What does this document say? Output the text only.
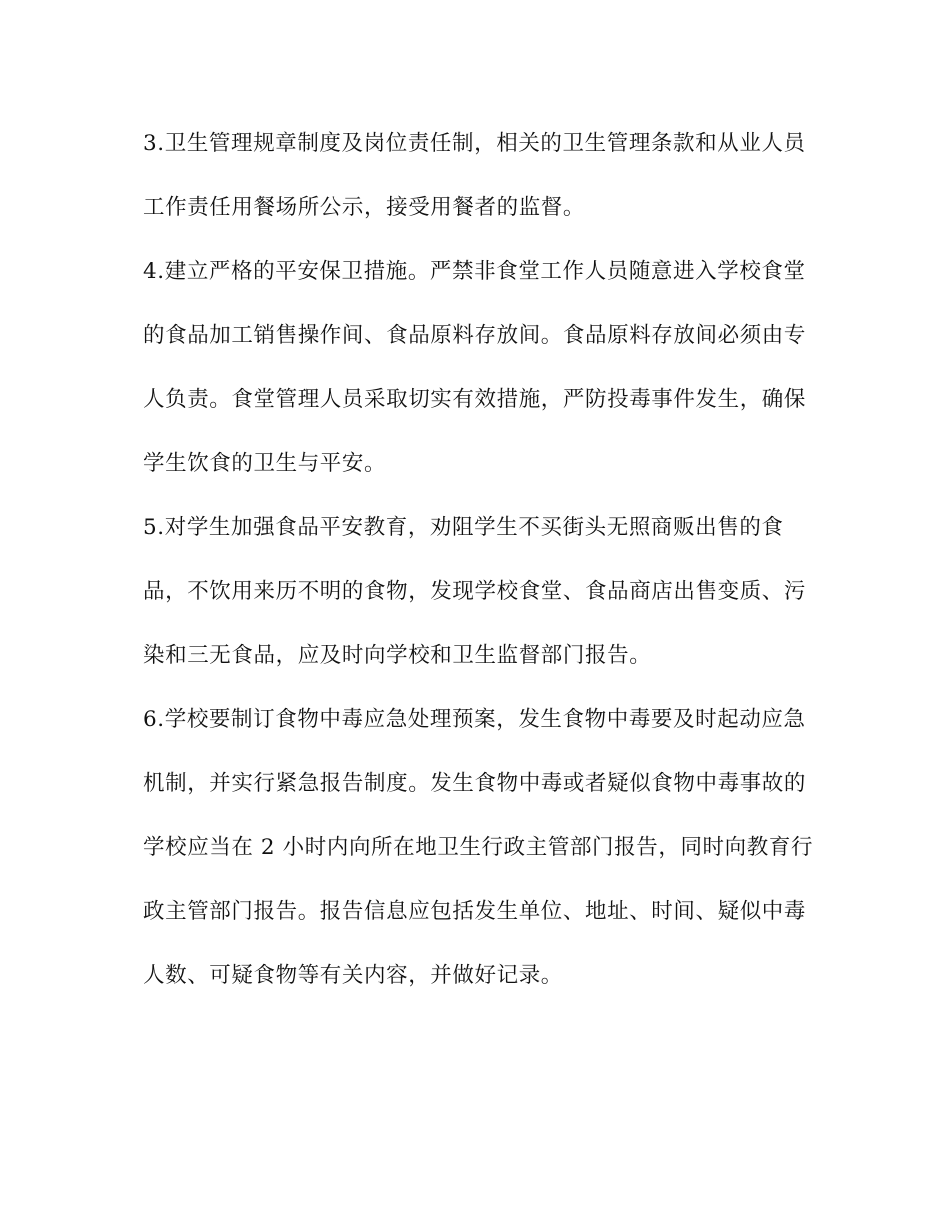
3.卫生管理规章制度及岗位责任制，相关的卫生管理条款和从业人员
工作责任用餐场所公示，接受用餐者的监督。
4.建立严格的平安保卫措施。严禁非食堂工作人员随意进入学校食堂
的食品加工销售操作间、食品原料存放间。食品原料存放间必须由专
人负责。食堂管理人员采取切实有效措施，严防投毒事件发生，确保
学生饮食的卫生与平安。
5.对学生加强食品平安教育，劝阻学生不买街头无照商贩出售的食
品，不饮用来历不明的食物，发现学校食堂、食品商店出售变质、污
染和三无食品，应及时向学校和卫生监督部门报告。
6.学校要制订食物中毒应急处理预案，发生食物中毒要及时起动应急
机制，并实行紧急报告制度。发生食物中毒或者疑似食物中毒事故的
学校应当在 2 小时内向所在地卫生行政主管部门报告，同时向教育行
政主管部门报告。报告信息应包括发生单位、地址、时间、疑似中毒
人数、可疑食物等有关内容，并做好记录。
